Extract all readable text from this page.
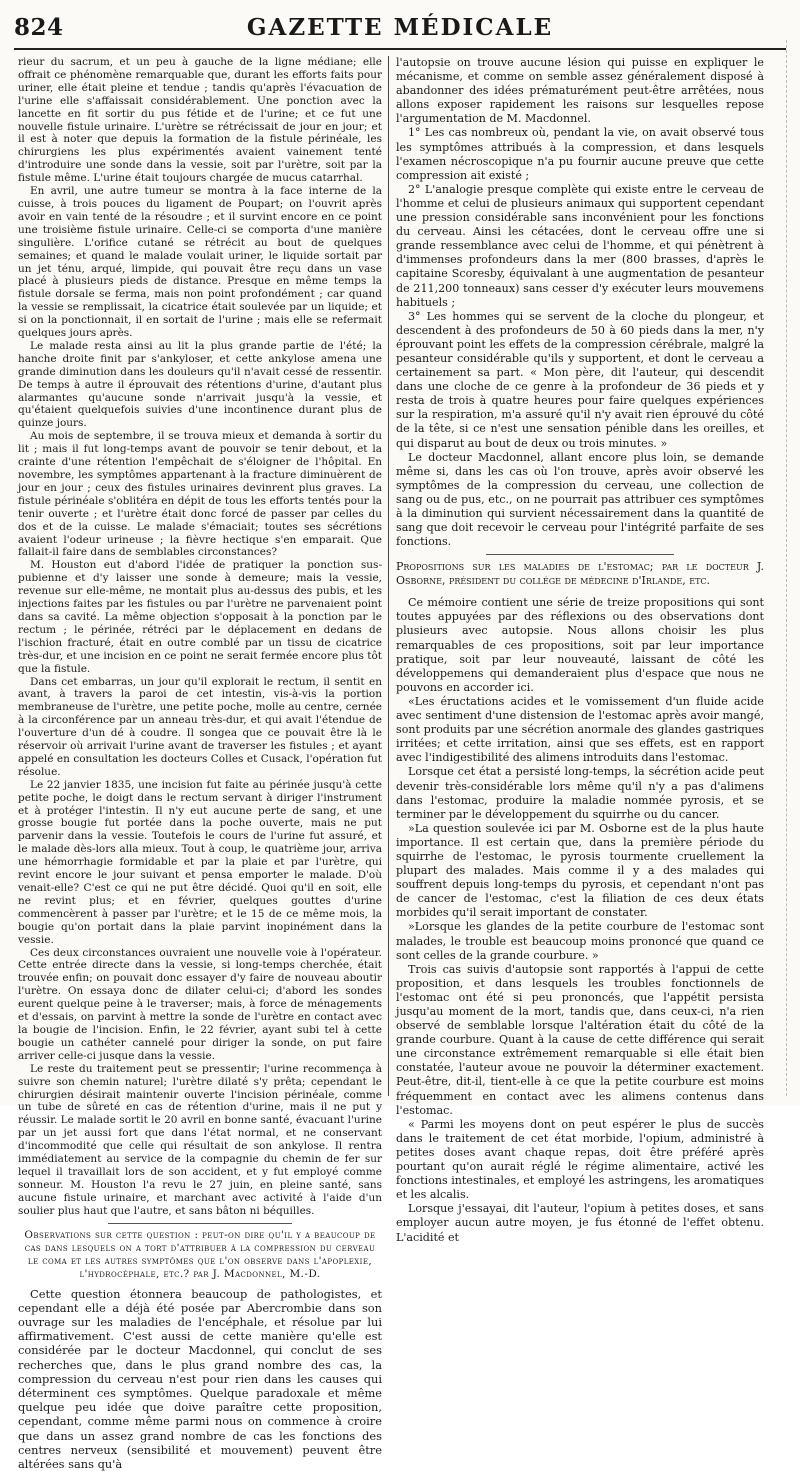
824	GAZETTE MÉDICALE

rieur du sacrum, et un peu à gauche de la ligne médiane; elle offrait ce phénomène remarquable que, durant les efforts faits pour uriner, elle était pleine et tendue ; tandis qu'après l'évacuation de l'urine elle s'affaissait considérablement. Une ponction avec la lancette en fit sortir du pus fétide et de l'urine; et ce fut une nouvelle fistule urinaire. L'urètre se rétrécissait de jour en jour; et il est à noter que depuis la formation de la fistule périnéale, les chirurgiens les plus expérimentés avaient vainement tenté d'introduire une sonde dans la vessie, soit par l'urètre, soit par la fistule même. L'urine était toujours chargée de mucus catarrhal.

En avril, une autre tumeur se montra à la face interne de la cuisse, à trois pouces du ligament de Poupart; on l'ouvrit après avoir en vain tenté de la résoudre ; et il survint encore en ce point une troisième fistule urinaire. Celle-ci se comporta d'une manière singulière. L'orifice cutané se rétrécit au bout de quelques semaines; et quand le malade voulait uriner, le liquide sortait par un jet ténu, arqué, limpide, qui pouvait être reçu dans un vase placé à plusieurs pieds de distance. Presque en même temps la fistule dorsale se ferma, mais non point profondément ; car quand la vessie se remplissait, la cicatrice était soulevée par un liquide; et si on la ponctionnait, il en sortait de l'urine ; mais elle se refermait quelques jours après.

Le malade resta ainsi au lit la plus grande partie de l'été; la hanche droite finit par s'ankyloser, et cette ankylose amena une grande diminution dans les douleurs qu'il n'avait cessé de ressentir. De temps à autre il éprouvait des rétentions d'urine, d'autant plus alarmantes qu'aucune sonde n'arrivait jusqu'à la vessie, et qu'étaient quelquefois suivies d'une incontinence durant plus de quinze jours.

Au mois de septembre, il se trouva mieux et demanda à sortir du lit ; mais il fut long-temps avant de pouvoir se tenir debout, et la crainte d'une rétention l'empêchait de s'éloigner de l'hôpital. En novembre, les symptômes appartenant à la fracture diminuèrent de jour en jour ; ceux des fistules urinaires devinrent plus graves. La fistule périnéale s'oblitéra en dépit de tous les efforts tentés pour la tenir ouverte ; et l'urètre était donc forcé de passer par celles du dos et de la cuisse. Le malade s'émaciait; toutes ses sécrétions avaient l'odeur urineuse ; la fièvre hectique s'en emparait. Que fallait-il faire dans de semblables circonstances?

M. Houston eut d'abord l'idée de pratiquer la ponction sus-pubienne et d'y laisser une sonde à demeure; mais la vessie, revenue sur elle-même, ne montait plus au-dessus des pubis, et les injections faites par les fistules ou par l'urètre ne parvenaient point dans sa cavité. La même objection s'opposait à la ponction par le rectum ; le périnée, rétréci par le déplacement en dedans de l'ischion fracturé, était en outre comblé par un tissu de cicatrice très-dur, et une incision en ce point ne serait fermée encore plus tôt que la fistule.

Dans cet embarras, un jour qu'il explorait le rectum, il sentit en avant, à travers la paroi de cet intestin, vis-à-vis la portion membraneuse de l'urètre, une petite poche, molle au centre, cernée à la circonférence par un anneau très-dur, et qui avait l'étendue de l'ouverture d'un dé à coudre. Il songea que ce pouvait être là le réservoir où arrivait l'urine avant de traverser les fistules ; et ayant appelé en consultation les docteurs Colles et Cusack, l'opération fut résolue.

Le 22 janvier 1835, une incision fut faite au périnée jusqu'à cette petite poche, le doigt dans le rectum servant à diriger l'instrument et à protéger l'intestin. Il n'y eut aucune perte de sang, et une grosse bougie fut portée dans la poche ouverte, mais ne put parvenir dans la vessie. Toutefois le cours de l'urine fut assuré, et le malade dès-lors alla mieux. Tout à coup, le quatrième jour, arriva une hémorrhagie formidable et par la plaie et par l'urètre, qui revint encore le jour suivant et pensa emporter le malade. D'où venait-elle? C'est ce qui ne put être décidé. Quoi qu'il en soit, elle ne revint plus; et en février, quelques gouttes d'urine commencèrent à passer par l'urètre; et le 15 de ce même mois, la bougie qu'on portait dans la plaie parvint inopinément dans la vessie.

Ces deux circonstances ouvraient une nouvelle voie à l'opérateur. Cette entrée directe dans la vessie, si long-temps cherchée, était trouvée enfin; on pouvait donc essayer d'y faire de nouveau aboutir l'urètre. On essaya donc de dilater celui-ci; d'abord les sondes eurent quelque peine à le traverser; mais, à force de ménagements et d'essais, on parvint à mettre la sonde de l'urètre en contact avec la bougie de l'incision. Enfin, le 22 février, ayant subi tel à cette bougie un cathéter cannelé pour diriger la sonde, on put faire arriver celle-ci jusque dans la vessie.

Le reste du traitement peut se pressentir; l'urine recommença à suivre son chemin naturel; l'urètre dilaté s'y prêta; cependant le chirurgien désirait maintenir ouverte l'incision périnéale, comme un tube de sûreté en cas de rétention d'urine, mais il ne put y réussir. Le malade sortit le 20 avril en bonne santé, évacuant l'urine par un jet aussi fort que dans l'état normal, et ne conservant d'incommodité que celle qui résultait de son ankylose. Il rentra immédiatement au service de la compagnie du chemin de fer sur lequel il travaillait lors de son accident, et y fut employé comme sonneur. M. Houston l'a revu le 27 juin, en pleine santé, sans aucune fistule urinaire, et marchant avec activité à l'aide d'un soulier plus haut que l'autre, et sans bâton ni béquilles.

Observations sur cette question : peut-on dire qu'il y a beaucoup de cas dans lesquels on a tort d'attribuer à la compression du cerveau le coma et les autres symptômes que l'on observe dans l'apoplexie, l'hydrocéphale, etc.? par J. Macdonnel, M.-D.

Cette question étonnera beaucoup de pathologistes, et cependant elle a déjà été posée par Abercrombie dans son ouvrage sur les maladies de l'encéphale, et résolue par lui affirmativement. C'est aussi de cette manière qu'elle est considérée par le docteur Macdonnel, qui conclut de ses recherches que, dans le plus grand nombre des cas, la compression du cerveau n'est pour rien dans les causes qui déterminent ces symptômes. Quelque paradoxale et même quelque peu idée que doive paraître cette proposition, cependant, comme même parmi nous on commence à croire que dans un assez grand nombre de cas les fonctions des centres nerveux (sensibilité et mouvement) peuvent être altérées sans qu'à

l'autopsie on trouve aucune lésion qui puisse en expliquer le mécanisme, et comme on semble assez généralement disposé à abandonner des idées prématurément peut-être arrêtées, nous allons exposer rapidement les raisons sur lesquelles repose l'argumentation de M. Macdonnel.

1° Les cas nombreux où, pendant la vie, on avait observé tous les symptômes attribués à la compression, et dans lesquels l'examen nécroscopique n'a pu fournir aucune preuve que cette compression ait existé ;

2° L'analogie presque complète qui existe entre le cerveau de l'homme et celui de plusieurs animaux qui supportent cependant une pression considérable sans inconvénient pour les fonctions du cerveau. Ainsi les cétacées, dont le cerveau offre une si grande ressemblance avec celui de l'homme, et qui pénètrent à d'immenses profondeurs dans la mer (800 brasses, d'après le capitaine Scoresby, équivalant à une augmentation de pesanteur de 211,200 tonneaux) sans cesser d'y exécuter leurs mouvemens habituels ;

3° Les hommes qui se servent de la cloche du plongeur, et descendent à des profondeurs de 50 à 60 pieds dans la mer, n'y éprouvant point les effets de la compression cérébrale, malgré la pesanteur considérable qu'ils y supportent, et dont le cerveau a certainement sa part. « Mon père, dit l'auteur, qui descendit dans une cloche de ce genre à la profondeur de 36 pieds et y resta de trois à quatre heures pour faire quelques expériences sur la respiration, m'a assuré qu'il n'y avait rien éprouvé du côté de la tête, si ce n'est une sensation pénible dans les oreilles, et qui disparut au bout de deux ou trois minutes. »

Le docteur Macdonnel, allant encore plus loin, se demande même si, dans les cas où l'on trouve, après avoir observé les symptômes de la compression du cerveau, une collection de sang ou de pus, etc., on ne pourrait pas attribuer ces symptômes à la diminution qui survient nécessairement dans la quantité de sang que doit recevoir le cerveau pour l'intégrité parfaite de ses fonctions.

Propositions sur les maladies de l'estomac; par le docteur J. Osborne, président du collége de médecine d'Irlande, etc.

Ce mémoire contient une série de treize propositions qui sont toutes appuyées par des réflexions ou des observations dont plusieurs avec autopsie. Nous allons choisir les plus remarquables de ces propositions, soit par leur importance pratique, soit par leur nouveauté, laissant de côté les développemens qui demanderaient plus d'espace que nous ne pouvons en accorder ici.

«Les éructations acides et le vomissement d'un fluide acide avec sentiment d'une distension de l'estomac après avoir mangé, sont produits par une sécrétion anormale des glandes gastriques irritées; et cette irritation, ainsi que ses effets, est en rapport avec l'indigestibilité des alimens introduits dans l'estomac.

Lorsque cet état a persisté long-temps, la sécrétion acide peut devenir très-considérable lors même qu'il n'y a pas d'alimens dans l'estomac, produire la maladie nommée pyrosis, et se terminer par le développement du squirrhe ou du cancer.

»La question soulevée ici par M. Osborne est de la plus haute importance. Il est certain que, dans la première période du squirrhe de l'estomac, le pyrosis tourmente cruellement la plupart des malades. Mais comme il y a des malades qui souffrent depuis long-temps du pyrosis, et cependant n'ont pas de cancer de l'estomac, c'est la filiation de ces deux états morbides qu'il serait important de constater.

»Lorsque les glandes de la petite courbure de l'estomac sont malades, le trouble est beaucoup moins prononcé que quand ce sont celles de la grande courbure. »

Trois cas suivis d'autopsie sont rapportés à l'appui de cette proposition, et dans lesquels les troubles fonctionnels de l'estomac ont été si peu prononcés, que l'appétit persista jusqu'au moment de la mort, tandis que, dans ceux-ci, n'a rien observé de semblable lorsque l'altération était du côté de la grande courbure. Quant à la cause de cette différence qui serait une circonstance extrêmement remarquable si elle était bien constatée, l'auteur avoue ne pouvoir la déterminer exactement. Peut-être, dit-il, tient-elle à ce que la petite courbure est moins fréquemment en contact avec les alimens contenus dans l'estomac.

« Parmi les moyens dont on peut espérer le plus de succès dans le traitement de cet état morbide, l'opium, administré à petites doses avant chaque repas, doit être préféré après pourtant qu'on aurait réglé le régime alimentaire, activé les fonctions intestinales, et employé les astringens, les aromatiques et les alcalis.

Lorsque j'essayai, dit l'auteur, l'opium à petites doses, et sans employer aucun autre moyen, je fus étonné de l'effet obtenu. L'acidité et
